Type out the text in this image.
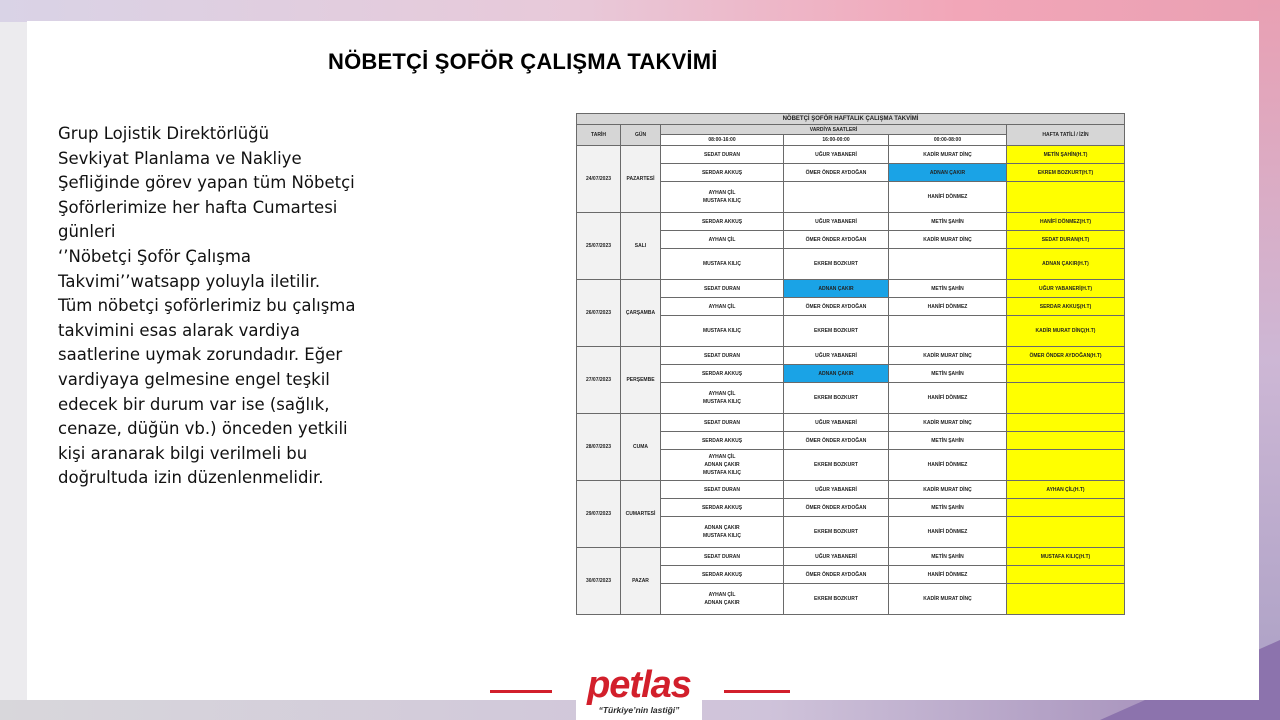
NÖBETÇİ ŞOFÖR ÇALIŞMA TAKVİMİ
Grup Lojistik Direktörlüğü
Sevkiyat Planlama ve Nakliye
Şefliğinde görev yapan tüm Nöbetçi
Şoförlerimize her hafta Cumartesi
günleri
‘’Nöbetçi Şoför Çalışma
Takvimi’’watsapp yoluyla iletilir.
Tüm nöbetçi şoförlerimiz bu çalışma
takvimini esas alarak vardiya
saatlerine uymak zorundadır. Eğer
vardiyaya gelmesine engel teşkil
edecek bir durum var ise (sağlık,
cenaze, düğün vb.) önceden yetkili
kişi aranarak bilgi verilmeli bu
doğrultuda izin düzenlenmelidir.
NÖBETÇİ ŞOFÖR HAFTALIK ÇALIŞMA TAKVİMİ					
TARİH	GÜN	VARDİYA SAATLERİ			HAFTA TATİLİ / İZİN
		08:00-16:00	16:00-00:00	00:00-08:00	
24/07/2023	PAZARTESİ	SEDAT DURAN	UĞUR YABANERİ	KADİR MURAT DİNÇ	METİN ŞAHİN(H.T)
		SERDAR AKKUŞ	ÖMER ÖNDER AYDOĞAN	ADNAN ÇAKIR	EKREM BOZKURT(H.T)
		AYHAN ÇİL
MUSTAFA KILIÇ		HANİFİ DÖNMEZ	
25/07/2023	SALI	SERDAR AKKUŞ	UĞUR YABANERİ	METİN ŞAHİN	HANİFİ DÖNMEZ(H.T)
		AYHAN ÇİL	ÖMER ÖNDER AYDOĞAN	KADİR MURAT DİNÇ	SEDAT DURAN(H.T)
		MUSTAFA KILIÇ	EKREM BOZKURT		ADNAN ÇAKIR(H.T)
26/07/2023	ÇARŞAMBA	SEDAT DURAN	ADNAN ÇAKIR	METİN ŞAHİN	UĞUR YABANERİ(H.T)
		AYHAN ÇİL	ÖMER ÖNDER AYDOĞAN	HANİFİ DÖNMEZ	SERDAR AKKUŞ(H.T)
		MUSTAFA KILIÇ	EKREM BOZKURT		KADİR MURAT DİNÇ(H.T)
27/07/2023	PERŞEMBE	SEDAT DURAN	UĞUR YABANERİ	KADİR MURAT DİNÇ	ÖMER ÖNDER AYDOĞAN(H.T)
		SERDAR AKKUŞ	ADNAN ÇAKIR	METİN ŞAHİN	
		AYHAN ÇİL
MUSTAFA KILIÇ	EKREM BOZKURT	HANİFİ DÖNMEZ	
28/07/2023	CUMA	SEDAT DURAN	UĞUR YABANERİ	KADİR MURAT DİNÇ	
		SERDAR AKKUŞ	ÖMER ÖNDER AYDOĞAN	METİN ŞAHİN	
		AYHAN ÇİL
ADNAN ÇAKIR
MUSTAFA KILIÇ	EKREM BOZKURT	HANİFİ DÖNMEZ	
29/07/2023	CUMARTESİ	SEDAT DURAN	UĞUR YABANERİ	KADİR MURAT DİNÇ	AYHAN ÇİL(H.T)
		SERDAR AKKUŞ	ÖMER ÖNDER AYDOĞAN	METİN ŞAHİN	
		ADNAN ÇAKIR
MUSTAFA KILIÇ	EKREM BOZKURT	HANİFİ DÖNMEZ	
30/07/2023	PAZAR	SEDAT DURAN	UĞUR YABANERİ	METİN ŞAHİN	MUSTAFA KILIÇ(H.T)
		SERDAR AKKUŞ	ÖMER ÖNDER AYDOĞAN	HANİFİ DÖNMEZ	
		AYHAN ÇİL
ADNAN ÇAKIR	EKREM BOZKURT	KADİR MURAT DİNÇ	
petlas
“Türkiye’nin lastiği”
